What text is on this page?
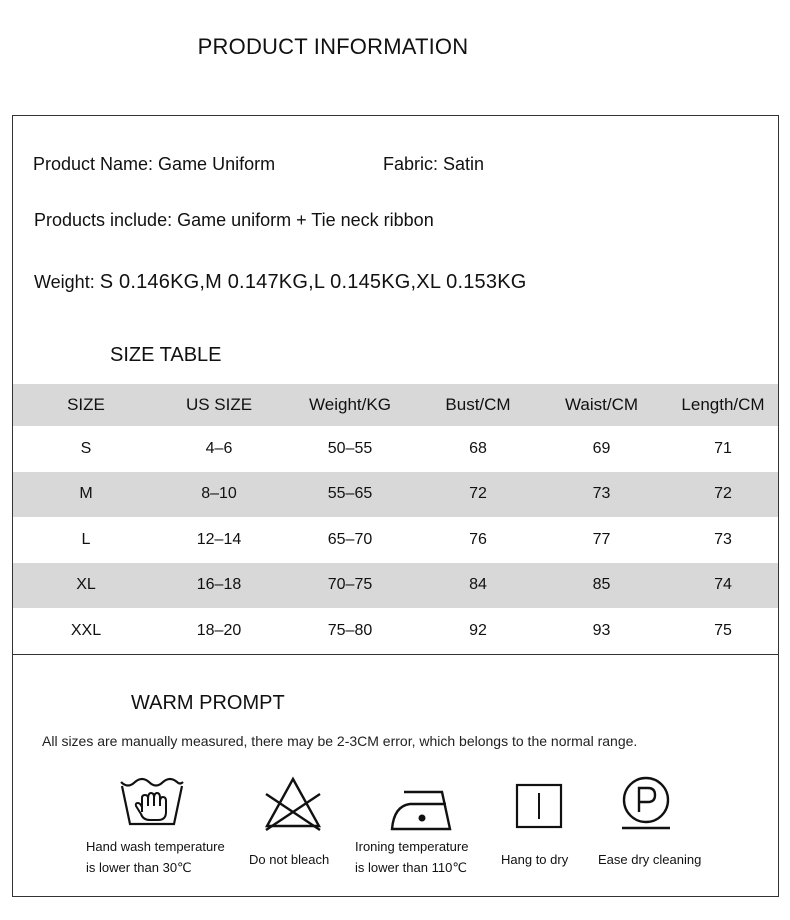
PRODUCT INFORMATION
Product Name: Game Uniform	Fabric: Satin
Products include: Game uniform + Tie neck ribbon
Weight: S 0.146KG,M 0.147KG,L 0.145KG,XL 0.153KG
SIZE TABLE
SIZE	US SIZE	Weight/KG	Bust/CM	Waist/CM	Length/CM
S	4–6	50–55	68	69	71
M	8–10	55–65	72	73	72
L	12–14	65–70	76	77	73
XL	16–18	70–75	84	85	74
XXL	18–20	75–80	92	93	75
WARM PROMPT
All sizes are manually measured, there may be 2-3CM error, which belongs to the normal range.
Hand wash temperature
is lower than 30℃
Do not bleach
Ironing temperature
is lower than 110℃
Hang to dry Ease dry cleaning
